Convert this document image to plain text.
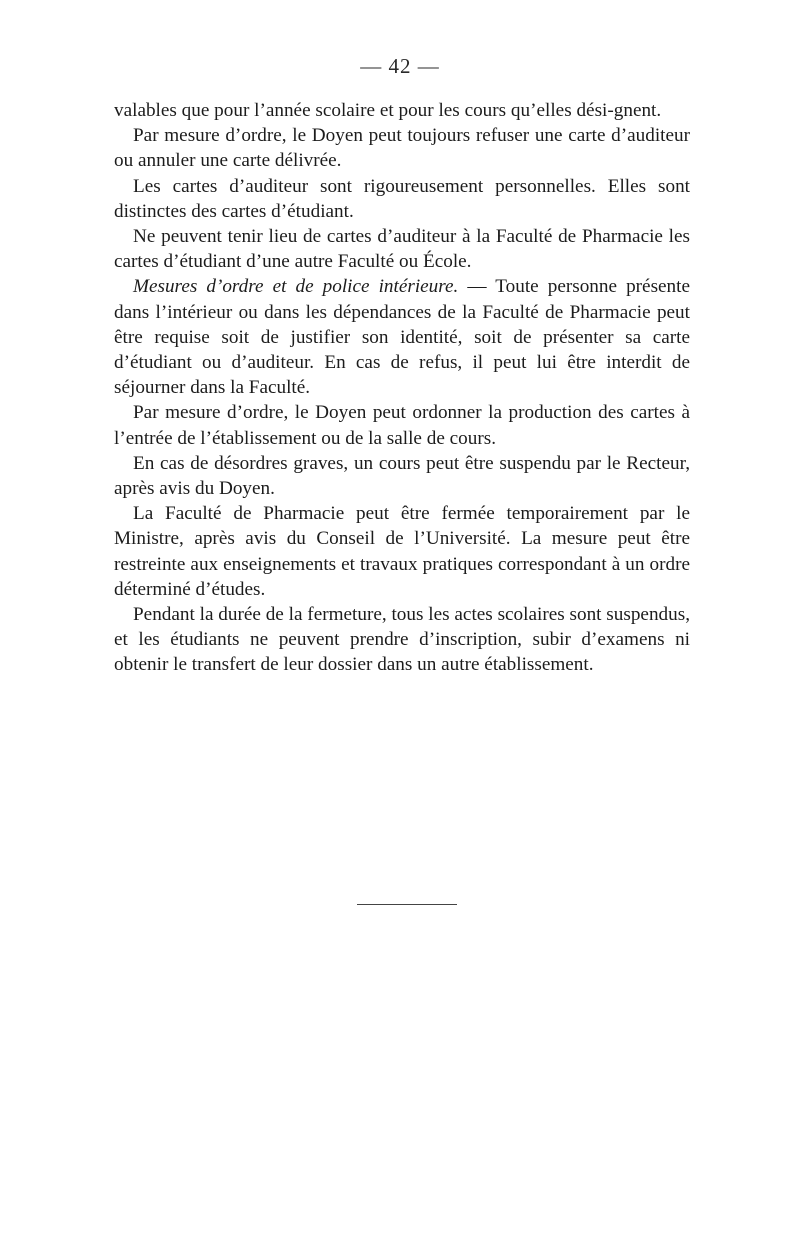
— 42 —

valables que pour l’année scolaire et pour les cours qu’elles dési-gnent.

Par mesure d’ordre, le Doyen peut toujours refuser une carte d’auditeur ou annuler une carte délivrée.

Les cartes d’auditeur sont rigoureusement personnelles. Elles sont distinctes des cartes d’étudiant.

Ne peuvent tenir lieu de cartes d’auditeur à la Faculté de Pharmacie les cartes d’étudiant d’une autre Faculté ou École.

Mesures d’ordre et de police intérieure. — Toute personne présente dans l’intérieur ou dans les dépendances de la Faculté de Pharmacie peut être requise soit de justifier son identité, soit de présenter sa carte d’étudiant ou d’auditeur. En cas de refus, il peut lui être interdit de séjourner dans la Faculté.

Par mesure d’ordre, le Doyen peut ordonner la production des cartes à l’entrée de l’établissement ou de la salle de cours.

En cas de désordres graves, un cours peut être suspendu par le Recteur, après avis du Doyen.

La Faculté de Pharmacie peut être fermée temporairement par le Ministre, après avis du Conseil de l’Université. La mesure peut être restreinte aux enseignements et travaux pratiques correspondant à un ordre déterminé d’études.

Pendant la durée de la fermeture, tous les actes scolaires sont suspendus, et les étudiants ne peuvent prendre d’inscription, subir d’examens ni obtenir le transfert de leur dossier dans un autre établissement.
